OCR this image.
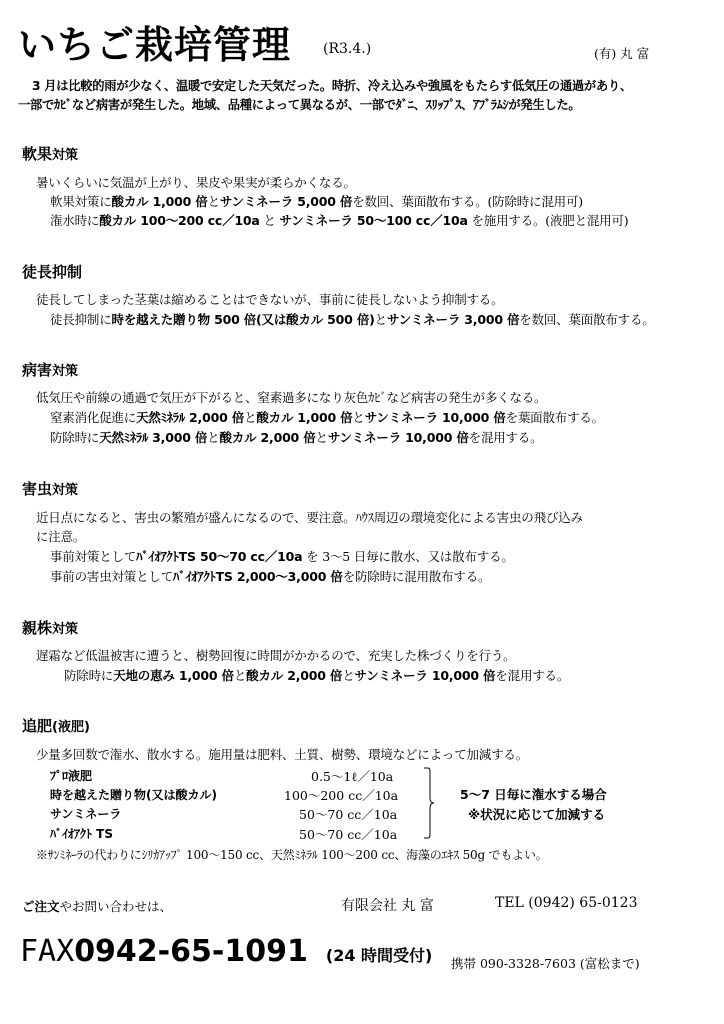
いちご栽培管理 (R3.4.)	(有) 丸 富
3 月は比較的雨が少なく、温暖で安定した天気だった。時折、冷え込みや強風をもたらす低気圧の通過があり、
一部でｶﾋﾞなど病害が発生した。地域、品種によって異なるが、一部でﾀﾞﾆ、ｽﾘｯﾌﾟｽ、ｱﾌﾞﾗﾑｼが発生した。
軟果対策
暑いくらいに気温が上がり、果皮や果実が柔らかくなる。
軟果対策に酸カル 1,000 倍とサンミネーラ 5,000 倍を数回、葉面散布する。(防除時に混用可)
潅水時に酸カル 100～200 cc／10a と サンミネーラ 50～100 cc／10a を施用する。(液肥と混用可)
徒長抑制
徒長してしまった茎葉は縮めることはできないが、事前に徒長しないよう抑制する。
徒長抑制に時を越えた贈り物 500 倍(又は酸カル 500 倍)とサンミネーラ 3,000 倍を数回、葉面散布する。
病害対策
低気圧や前線の通過で気圧が下がると、窒素過多になり灰色ｶﾋﾞなど病害の発生が多くなる。
窒素消化促進に天然ﾐﾈﾗﾙ 2,000 倍と酸カル 1,000 倍とサンミネーラ 10,000 倍を葉面散布する。
防除時に天然ﾐﾈﾗﾙ 3,000 倍と酸カル 2,000 倍とサンミネーラ 10,000 倍を混用する。
害虫対策
近日点になると、害虫の繁殖が盛んになるので、要注意。ﾊｳｽ周辺の環境変化による害虫の飛び込み
に注意。
事前対策としてﾊﾞｲｵｱｸﾄTS 50～70 cc／10a を 3～5 日毎に散水、又は散布する。
事前の害虫対策としてﾊﾞｲｵｱｸﾄTS 2,000～3,000 倍を防除時に混用散布する。
親株対策
遅霜など低温被害に遭うと、樹勢回復に時間がかかるので、充実した株づくりを行う。
防除時に天地の恵み 1,000 倍と酸カル 2,000 倍とサンミネーラ 10,000 倍を混用する。
追肥(液肥)
少量多回数で潅水、散水する。施用量は肥料、土質、樹勢、環境などによって加減する。
ﾌﾟﾛ液肥	0.5～1ℓ／10a
時を越えた贈り物(又は酸カル)	100～200 cc／10a
サンミネーラ	50～70 cc／10a
ﾊﾞｲｵｱｸﾄ TS	50～70 cc／10a
5～7 日毎に潅水する場合
※状況に応じて加減する
※ｻﾝﾐﾈｰﾗの代わりにｼﾘｶｱｯﾌﾟ 100～150 cc、天然ﾐﾈﾗﾙ 100～200 cc、海藻のｴｷｽ 50g でもよい。
ご注文やお問い合わせは、	有限会社 丸 富	TEL (0942) 65-0123
FAX0942-65-1091 (24 時間受付) 携帯 090-3328-7603 (富松まで)
